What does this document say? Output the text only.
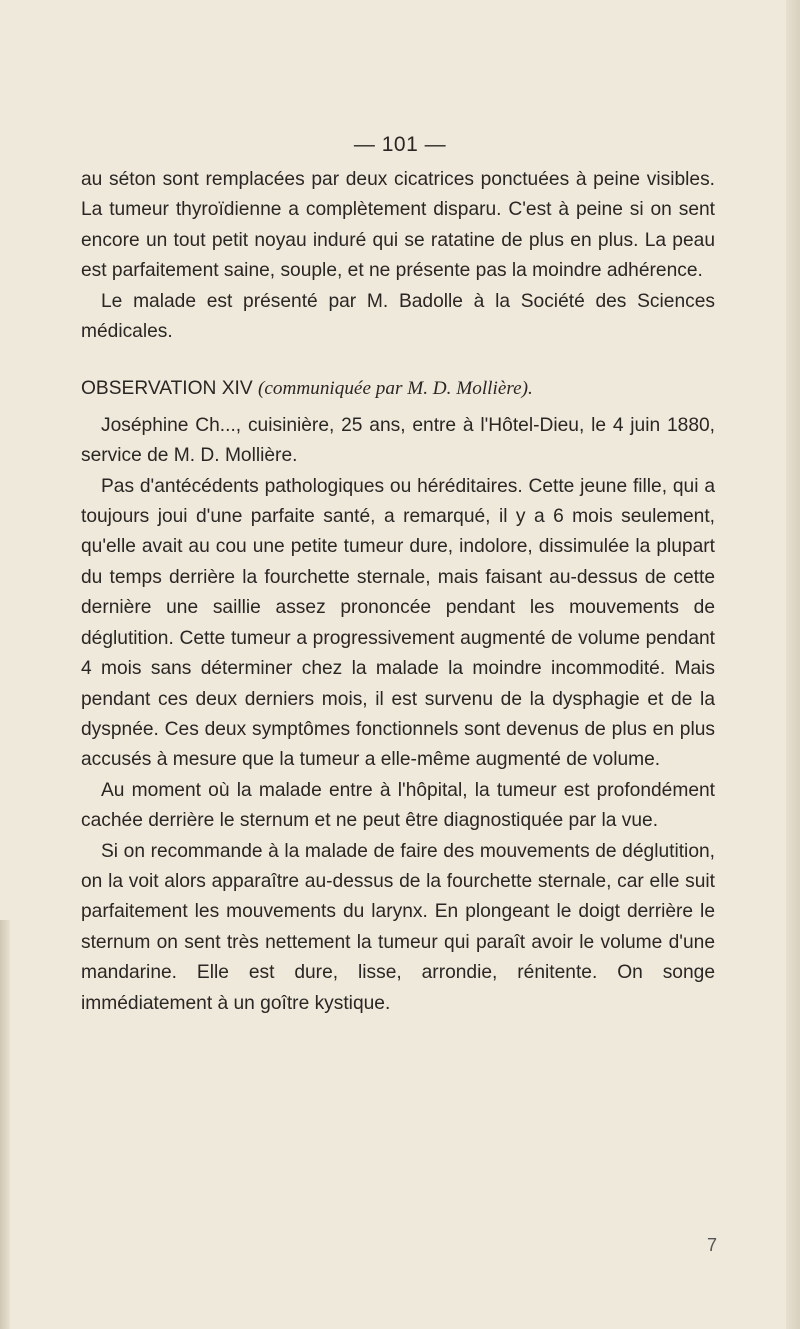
— 101 —

au séton sont remplacées par deux cicatrices ponctuées à peine visibles. La tumeur thyroïdienne a complètement disparu. C'est à peine si on sent encore un tout petit noyau induré qui se ratatine de plus en plus. La peau est parfaitement saine, souple, et ne présente pas la moindre adhérence.

Le malade est présenté par M. Badolle à la Société des Sciences médicales.

OBSERVATION XIV (communiquée par M. D. Mollière).

Joséphine Ch..., cuisinière, 25 ans, entre à l'Hôtel-Dieu, le 4 juin 1880, service de M. D. Mollière.

Pas d'antécédents pathologiques ou héréditaires. Cette jeune fille, qui a toujours joui d'une parfaite santé, a remarqué, il y a 6 mois seulement, qu'elle avait au cou une petite tumeur dure, indolore, dissimulée la plupart du temps derrière la fourchette sternale, mais faisant au-dessus de cette dernière une saillie assez prononcée pendant les mouvements de déglutition. Cette tumeur a progressivement augmenté de volume pendant 4 mois sans déterminer chez la malade la moindre incommodité. Mais pendant ces deux derniers mois, il est survenu de la dysphagie et de la dyspnée. Ces deux symptômes fonctionnels sont devenus de plus en plus accusés à mesure que la tumeur a elle-même augmenté de volume.

Au moment où la malade entre à l'hôpital, la tumeur est profondément cachée derrière le sternum et ne peut être diagnostiquée par la vue.

Si on recommande à la malade de faire des mouvements de déglutition, on la voit alors apparaître au-dessus de la fourchette sternale, car elle suit parfaitement les mouvements du larynx. En plongeant le doigt derrière le sternum on sent très nettement la tumeur qui paraît avoir le volume d'une mandarine. Elle est dure, lisse, arrondie, rénitente. On songe immédiatement à un goître kystique.

7
